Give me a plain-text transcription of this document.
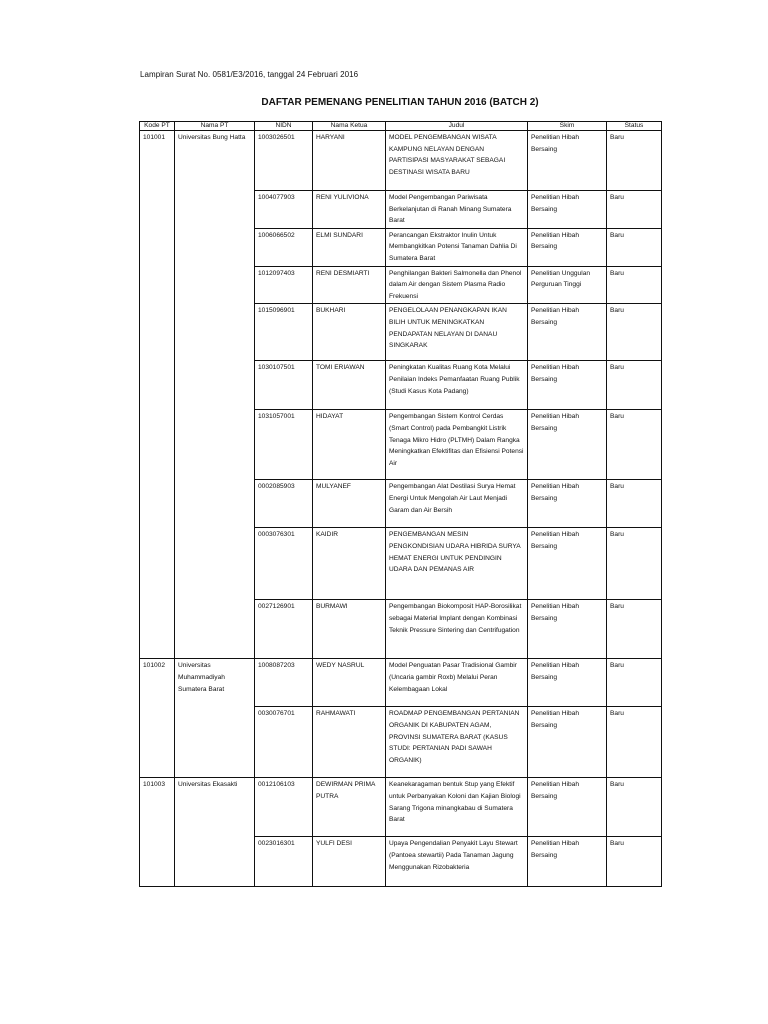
Lampiran Surat No. 0581/E3/2016, tanggal 24 Februari 2016
DAFTAR PEMENANG PENELITIAN TAHUN 2016 (BATCH 2)
Kode PT	Nama PT	NIDN	Nama Ketua	Judul	Skim	Status
101001	Universitas Bung Hatta	1003026501	HARYANI	MODEL PENGEMBANGAN WISATA KAMPUNG NELAYAN DENGAN PARTISIPASI MASYARAKAT SEBAGAI DESTINASI WISATA BARU	Penelitian Hibah Bersaing	Baru
		1004077903	RENI YULIVIONA	Model Pengembangan Pariwisata Berkelanjutan di Ranah Minang Sumatera Barat	Penelitian Hibah Bersaing	Baru
		1006066502	ELMI SUNDARI	Perancangan Ekstraktor Inulin Untuk Membangkitkan Potensi Tanaman Dahlia Di Sumatera Barat	Penelitian Hibah Bersaing	Baru
		1012097403	RENI DESMIARTI	Penghilangan Bakteri Salmonella dan Phenol dalam Air dengan Sistem Plasma Radio Frekuensi	Penelitian Unggulan Perguruan Tinggi	Baru
		1015096901	BUKHARI	PENGELOLAAN PENANGKAPAN IKAN BILIH UNTUK MENINGKATKAN PENDAPATAN NELAYAN DI DANAU SINGKARAK	Penelitian Hibah Bersaing	Baru
		1030107501	TOMI ERIAWAN	Peningkatan Kualitas Ruang Kota Melalui Penilaian Indeks Pemanfaatan Ruang Publik (Studi Kasus Kota Padang)	Penelitian Hibah Bersaing	Baru
		1031057001	HIDAYAT	Pengembangan Sistem Kontrol Cerdas (Smart Control) pada Pembangkit Listrik Tenaga Mikro Hidro (PLTMH) Dalam Rangka Meningkatkan Efektifitas dan Efisiensi Potensi Air	Penelitian Hibah Bersaing	Baru
		0002085903	MULYANEF	Pengembangan Alat Destilasi Surya Hemat Energi Untuk Mengolah Air Laut Menjadi Garam dan Air Bersih	Penelitian Hibah Bersaing	Baru
		0003076301	KAIDIR	PENGEMBANGAN MESIN PENGKONDISIAN UDARA HIBRIDA SURYA HEMAT ENERGI UNTUK PENDINGIN UDARA DAN PEMANAS AIR	Penelitian Hibah Bersaing	Baru
		0027126901	BURMAWI	Pengembangan Biokomposit HAP-Borosilikat sebagai Material Implant dengan Kombinasi Teknik Pressure Sintering dan Centrifugation	Penelitian Hibah Bersaing	Baru
101002	Universitas Muhammadiyah Sumatera Barat	1008087203	WEDY NASRUL	Model Penguatan Pasar Tradisional Gambir (Uncaria gambir Roxb) Melalui Peran Kelembagaan Lokal	Penelitian Hibah Bersaing	Baru
		0030076701	RAHMAWATI	ROADMAP PENGEMBANGAN PERTANIAN ORGANIK DI KABUPATEN AGAM, PROVINSI SUMATERA BARAT (KASUS STUDI: PERTANIAN PADI SAWAH ORGANIK)	Penelitian Hibah Bersaing	Baru
101003	Universitas Ekasakti	0012106103	DEWIRMAN PRIMA PUTRA	Keanekaragaman bentuk Stup yang Efektif untuk Perbanyakan Koloni dan Kajian Biologi Sarang Trigona minangkabau di Sumatera Barat	Penelitian Hibah Bersaing	Baru
		0023016301	YULFI DESI	Upaya Pengendalian Penyakit Layu Stewart (Pantoea stewartii) Pada Tanaman Jagung Menggunakan Rizobakteria	Penelitian Hibah Bersaing	Baru
